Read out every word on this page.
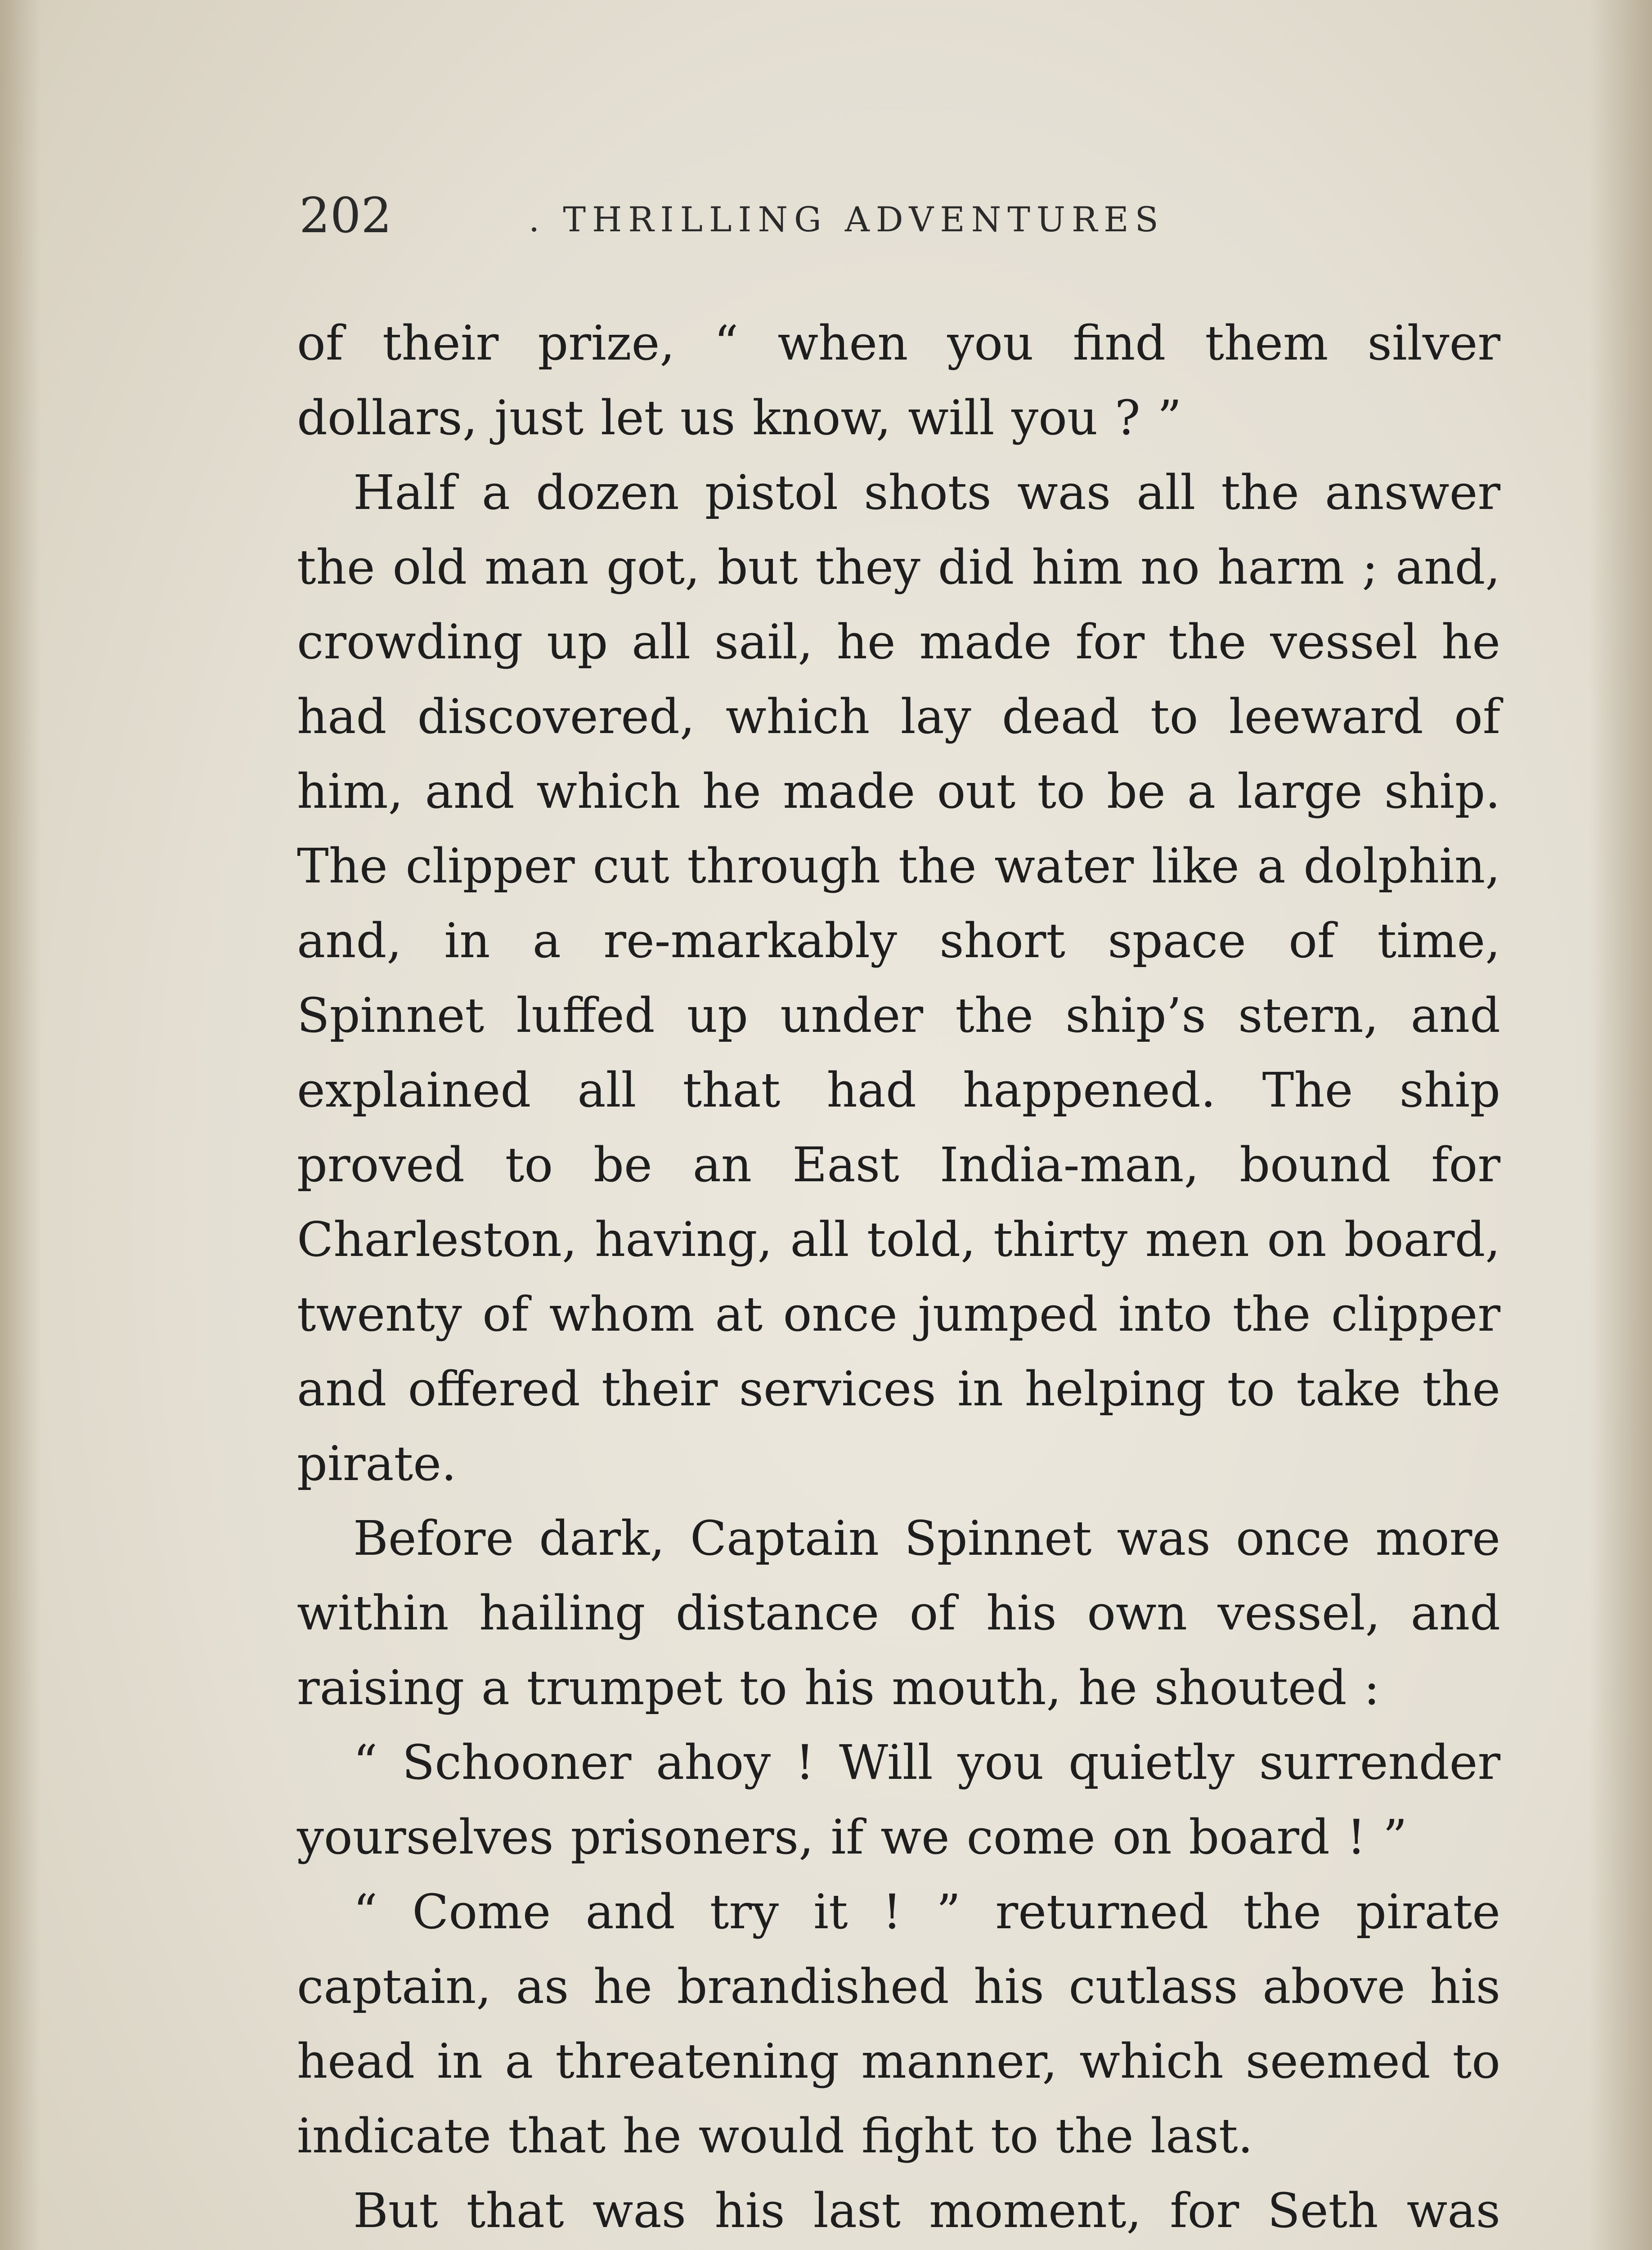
202	. THRILLING ADVENTURES

of their prize, “ when you find them silver dollars, just let us know, will you ? ”

Half a dozen pistol shots was all the answer the old man got, but they did him no harm ; and, crowding up all sail, he made for the vessel he had discovered, which lay dead to leeward of him, and which he made out to be a large ship. The clipper cut through the water like a dolphin, and, in a re-markably short space of time, Spinnet luffed up under the ship’s stern, and explained all that had happened. The ship proved to be an East India-man, bound for Charleston, having, all told, thirty men on board, twenty of whom at once jumped into the clipper and offered their services in helping to take the pirate.

Before dark, Captain Spinnet was once more within hailing distance of his own vessel, and raising a trumpet to his mouth, he shouted :

“ Schooner ahoy ! Will you quietly surrender yourselves prisoners, if we come on board ! ”

“ Come and try it ! ” returned the pirate captain, as he brandished his cutlass above his head in a threatening manner, which seemed to indicate that he would fight to the last.

But that was his last moment, for Seth was
